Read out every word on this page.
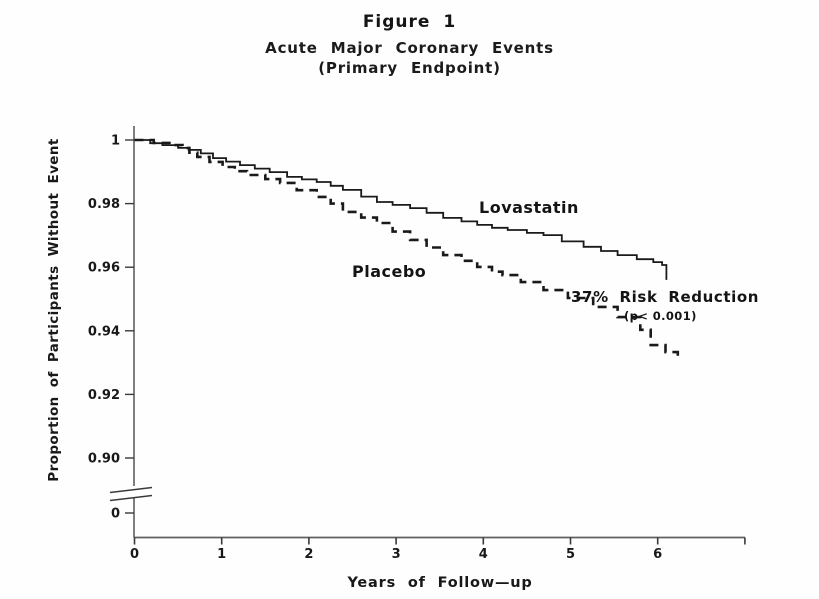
Figure 1
Acute Major Coronary Events
(Primary Endpoint)
Proportion of Participants Without Event	1
0.98
0.96
0.94
0.92
0.90
0
0	1	2	3	4	5	6
Lovastatin
Placebo
37% Risk Reduction
(p< 0.001)
Years of Follow—up
